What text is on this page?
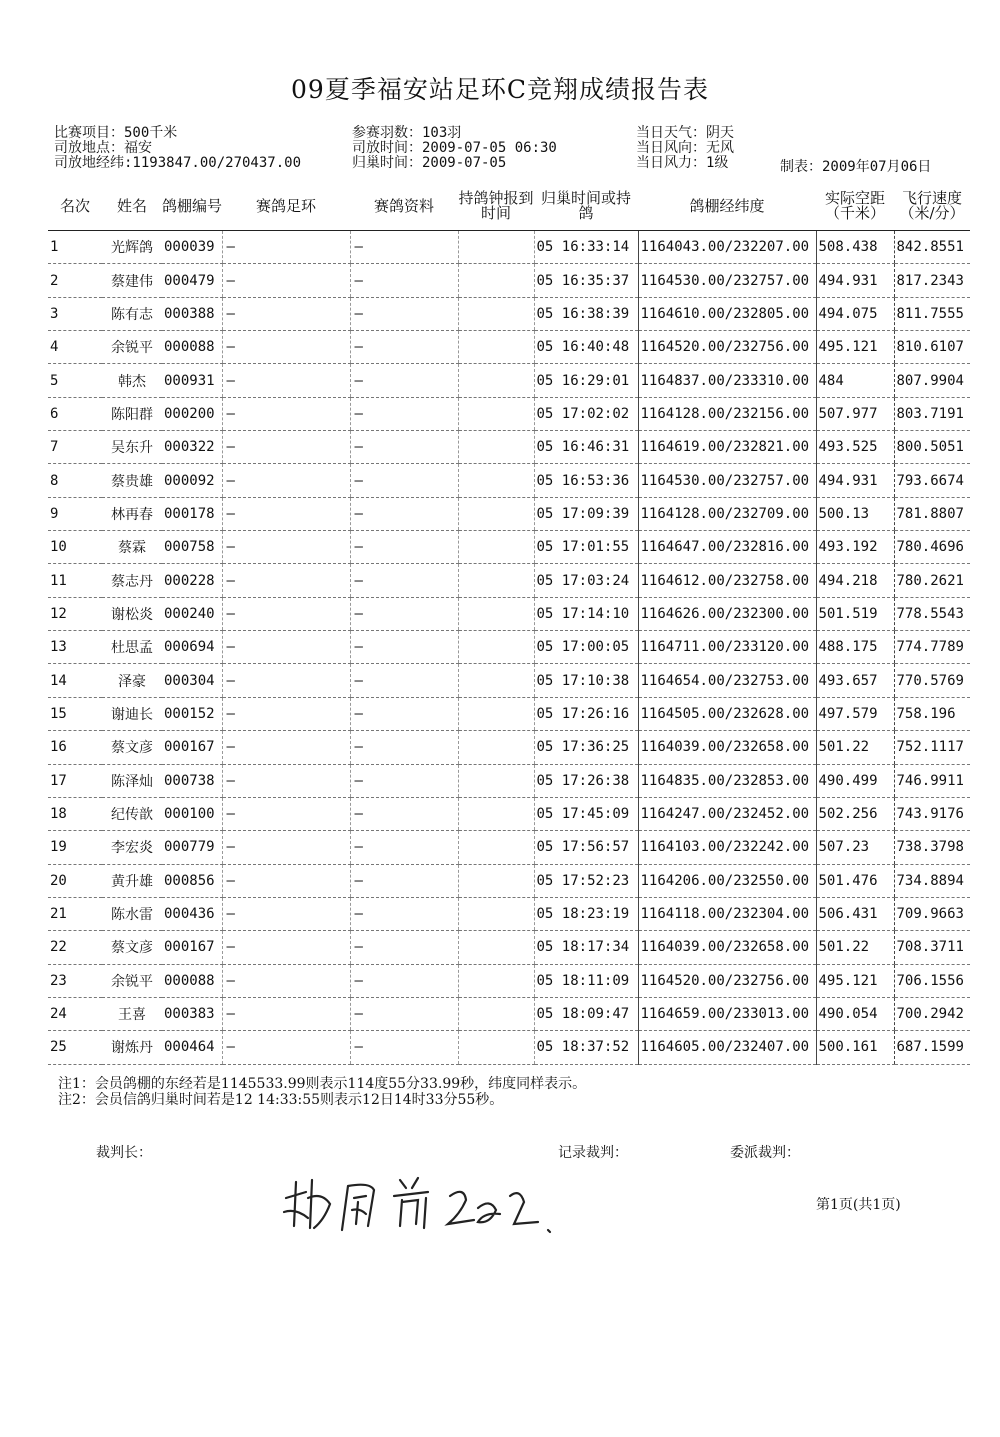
09夏季福安站足环C竞翔成绩报告表
比赛项目：500千米
司放地点：福安
司放地经纬:1193847.00/270437.00
参赛羽数：103羽
司放时间：2009-07-05 06:30
归巢时间：2009-07-05
当日天气：阴天
当日风向：无风
当日风力：1级	制表：2009年07月06日
名次	姓名	鸽棚编号	赛鸽足环	赛鸽资料	持鸽钟报到时间	归巢时间或持鸽	鸽棚经纬度	实际空距（千米）	飞行速度（米/分）
1	光辉鸽	000039	—	—		05 16:33:14	1164043.00/232207.00	508.438	842.8551
2	蔡建伟	000479	—	—		05 16:35:37	1164530.00/232757.00	494.931	817.2343
3	陈有志	000388	—	—		05 16:38:39	1164610.00/232805.00	494.075	811.7555
4	余锐平	000088	—	—		05 16:40:48	1164520.00/232756.00	495.121	810.6107
5	韩杰	000931	—	—		05 16:29:01	1164837.00/233310.00	484	807.9904
6	陈阳群	000200	—	—		05 17:02:02	1164128.00/232156.00	507.977	803.7191
7	吴东升	000322	—	—		05 16:46:31	1164619.00/232821.00	493.525	800.5051
8	蔡贵雄	000092	—	—		05 16:53:36	1164530.00/232757.00	494.931	793.6674
9	林再春	000178	—	—		05 17:09:39	1164128.00/232709.00	500.13	781.8807
10	蔡霖	000758	—	—		05 17:01:55	1164647.00/232816.00	493.192	780.4696
11	蔡志丹	000228	—	—		05 17:03:24	1164612.00/232758.00	494.218	780.2621
12	谢松炎	000240	—	—		05 17:14:10	1164626.00/232300.00	501.519	778.5543
13	杜思孟	000694	—	—		05 17:00:05	1164711.00/233120.00	488.175	774.7789
14	泽豪	000304	—	—		05 17:10:38	1164654.00/232753.00	493.657	770.5769
15	谢迪长	000152	—	—		05 17:26:16	1164505.00/232628.00	497.579	758.196
16	蔡文彦	000167	—	—		05 17:36:25	1164039.00/232658.00	501.22	752.1117
17	陈泽灿	000738	—	—		05 17:26:38	1164835.00/232853.00	490.499	746.9911
18	纪传歆	000100	—	—		05 17:45:09	1164247.00/232452.00	502.256	743.9176
19	李宏炎	000779	—	—		05 17:56:57	1164103.00/232242.00	507.23	738.3798
20	黄升雄	000856	—	—		05 17:52:23	1164206.00/232550.00	501.476	734.8894
21	陈水雷	000436	—	—		05 18:23:19	1164118.00/232304.00	506.431	709.9663
22	蔡文彦	000167	—	—		05 18:17:34	1164039.00/232658.00	501.22	708.3711
23	余锐平	000088	—	—		05 18:11:09	1164520.00/232756.00	495.121	706.1556
24	王喜	000383	—	—		05 18:09:47	1164659.00/233013.00	490.054	700.2942
25	谢炼丹	000464	—	—		05 18:37:52	1164605.00/232407.00	500.161	687.1599
注1：会员鸽棚的东经若是1145533.99则表示114度55分33.99秒，纬度同样表示。
注2：会员信鸽归巢时间若是12 14:33:55则表示12日14时33分55秒。
裁判长：	记录裁判：	委派裁判：
第1页(共1页)
